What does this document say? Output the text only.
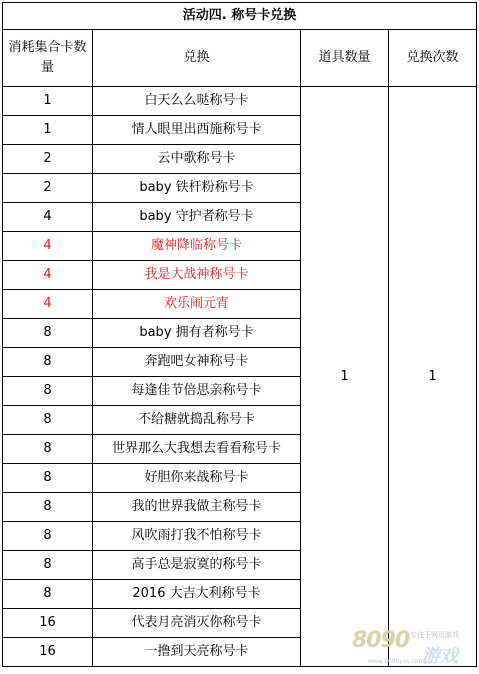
活动四. 称号卡兑换			
消耗集合卡数量	兑换	道具数量	兑换次数
1	白天么么哒称号卡	1	1
1	情人眼里出西施称号卡		
2	云中歌称号卡		
2	baby 铁杆粉称号卡		
4	baby 守护者称号卡		
4	魔神降临称号卡		
4	我是大战神称号卡		
4	欢乐闹元宵		
8	baby 拥有者称号卡		
8	奔跑吧女神称号卡		
8	每逢佳节倍思亲称号卡		
8	不给糖就捣乱称号卡		
8	世界那么大我想去看看称号卡		
8	好胆你来战称号卡		
8	我的世界我做主称号卡		
8	风吹雨打我不怕称号卡		
8	高手总是寂寞的称号卡		
8	2016 大吉大利称号卡		
16	代表月亮消灭你称号卡		
16	一撸到天亮称号卡			8090 专注于网页游戏
游戏
www.8090yxs.com
